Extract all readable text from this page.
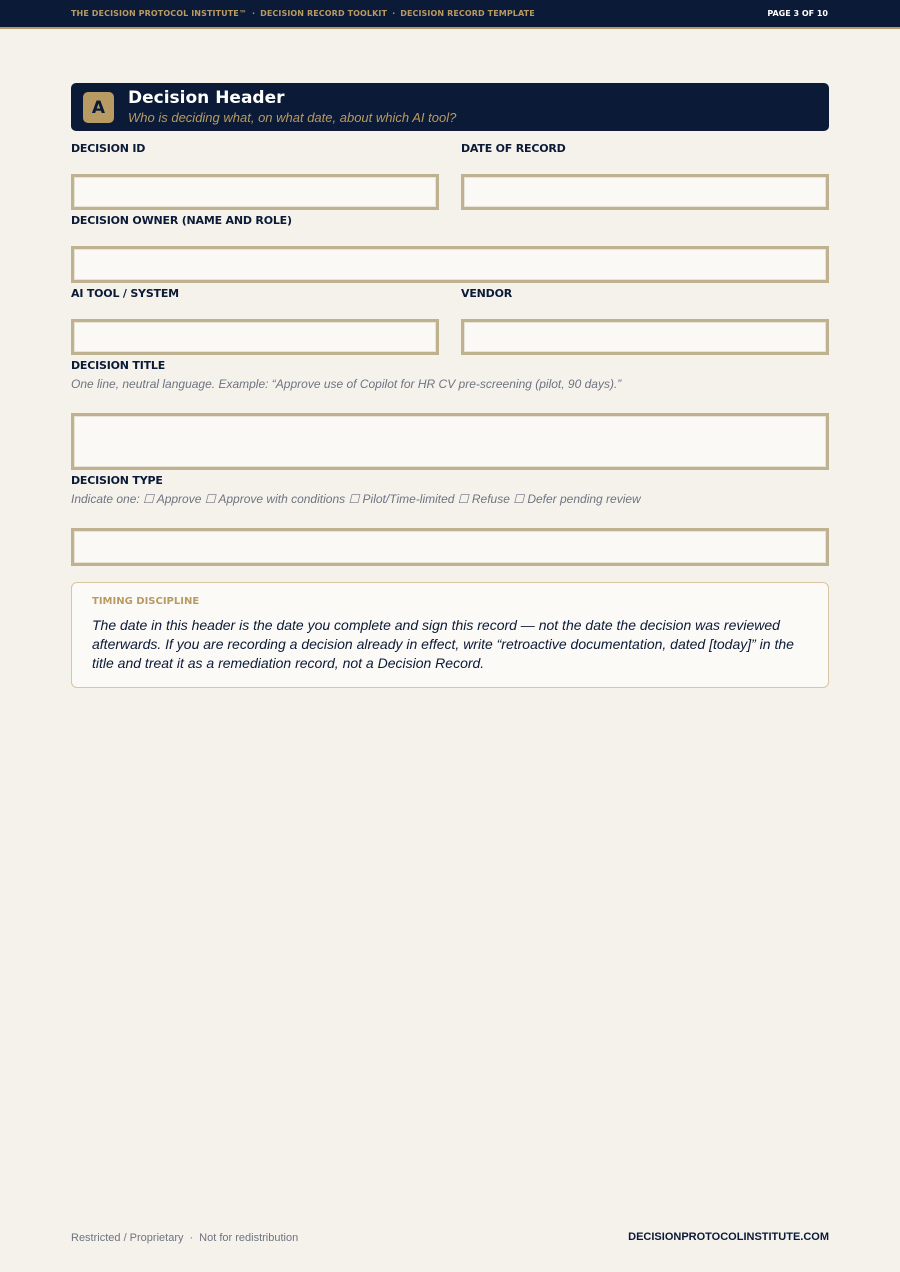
THE DECISION PROTOCOL INSTITUTE™ · DECISION RECORD TOOLKIT · DECISION RECORD TEMPLATE	PAGE 3 OF 10
A	Decision Header
Who is deciding what, on what date, about which AI tool?
DECISION ID	DATE OF RECORD
DECISION OWNER (NAME AND ROLE)
AI TOOL / SYSTEM	VENDOR
DECISION TITLE
One line, neutral language. Example: “Approve use of Copilot for HR CV pre-screening (pilot, 90 days).”
DECISION TYPE
Indicate one: ☐ Approve ☐ Approve with conditions ☐ Pilot/Time-limited ☐ Refuse ☐ Defer pending review
TIMING DISCIPLINE
The date in this header is the date you complete and sign this record — not the date the decision was reviewed afterwards. If you are recording a decision already in effect, write “retroactive documentation, dated [today]” in the title and treat it as a remediation record, not a Decision Record.
Restricted / Proprietary · Not for redistribution	DECISIONPROTOCOLINSTITUTE.COM
